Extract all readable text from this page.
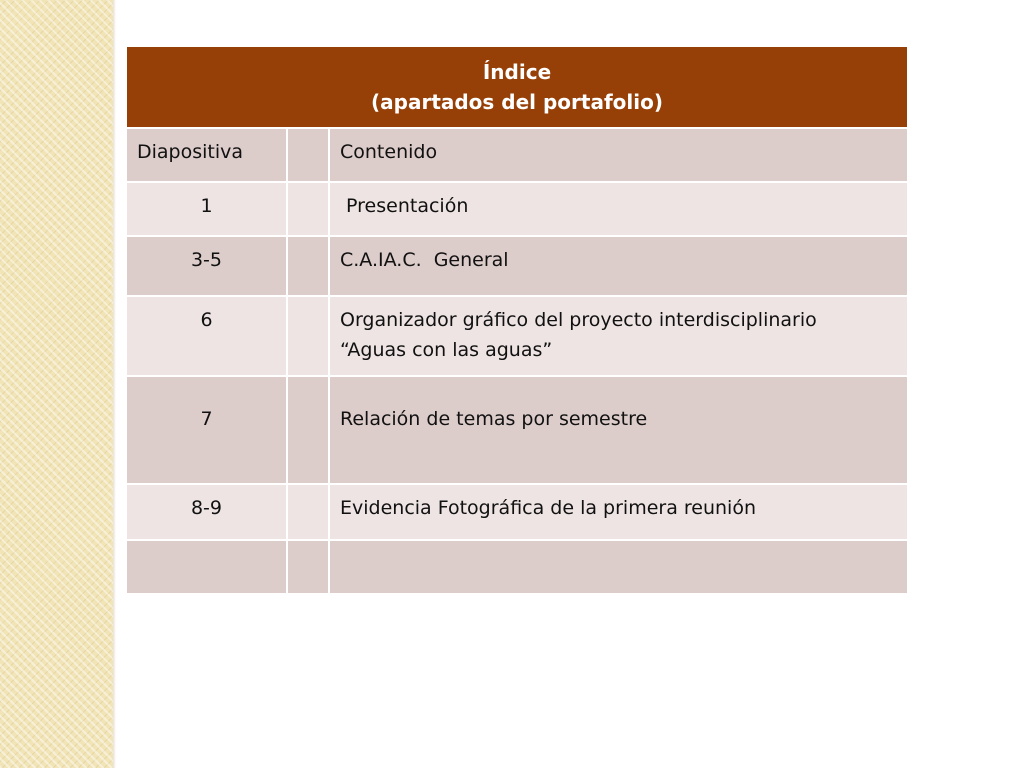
Índice
(apartados del portafolio)		

Diapositiva		Contenido
1		Presentación
3-5		C.A.IA.C.  General
6		Organizador gráfico del proyecto interdisciplinario
“Aguas con las aguas”

7		Relación de temas por semestre
8-9		Evidencia Fotográfica de la primera reunión
